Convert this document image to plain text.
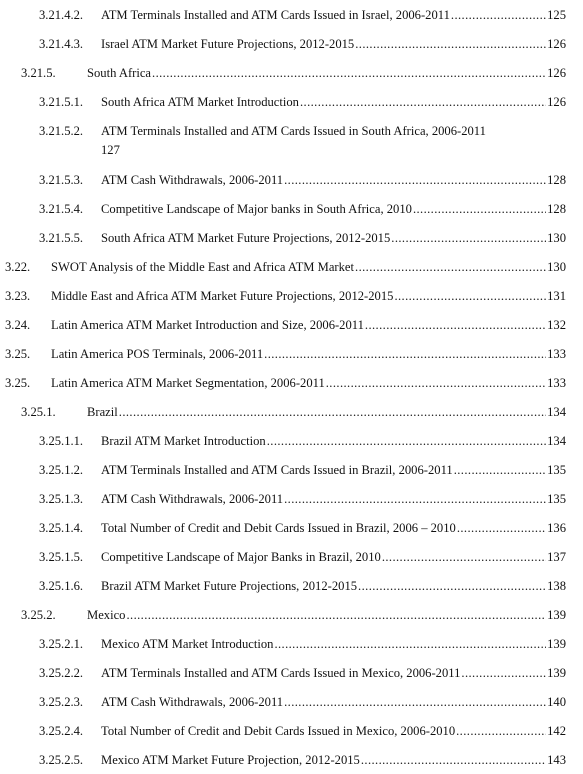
3.21.4.2.	ATM Terminals Installed and ATM Cards Issued in Israel, 2006-2011 .....	125
3.21.4.3.	Israel ATM Market Future Projections, 2012-2015 .....	126
3.21.5.	South Africa .....	126
3.21.5.1.	South Africa ATM Market Introduction .....	126
3.21.5.2.	ATM Terminals Installed and ATM Cards Issued in South Africa, 2006-2011
127
3.21.5.3.	ATM Cash Withdrawals, 2006-2011 .....	128
3.21.5.4.	Competitive Landscape of Major banks in South Africa, 2010 .....	128
3.21.5.5.	South Africa ATM Market Future Projections, 2012-2015 .....	130
3.22.	SWOT Analysis of the Middle East and Africa ATM Market .....	130
3.23.	Middle East and Africa ATM Market Future Projections, 2012-2015 .....	131
3.24.	Latin America ATM Market Introduction and Size, 2006-2011 .....	132
3.25.	Latin America POS Terminals, 2006-2011 .....	133
3.25.	Latin America ATM Market Segmentation, 2006-2011 .....	133
3.25.1.	Brazil .....	134
3.25.1.1.	Brazil ATM Market Introduction .....	134
3.25.1.2.	ATM Terminals Installed and ATM Cards Issued in Brazil, 2006-2011 .....	135
3.25.1.3.	ATM Cash Withdrawals, 2006-2011 .....	135
3.25.1.4.	Total Number of Credit and Debit Cards Issued in Brazil, 2006 – 2010 .....	136
3.25.1.5.	Competitive Landscape of Major Banks in Brazil, 2010 .....	137
3.25.1.6.	Brazil ATM Market Future Projections, 2012-2015 .....	138
3.25.2.	Mexico .....	139
3.25.2.1.	Mexico ATM Market Introduction .....	139
3.25.2.2.	ATM Terminals Installed and ATM Cards Issued in Mexico, 2006-2011 .....	139
3.25.2.3.	ATM Cash Withdrawals, 2006-2011 .....	140
3.25.2.4.	Total Number of Credit and Debit Cards Issued in Mexico, 2006-2010 .....	142
3.25.2.5.	Mexico ATM Market Future Projection, 2012-2015 .....	143
